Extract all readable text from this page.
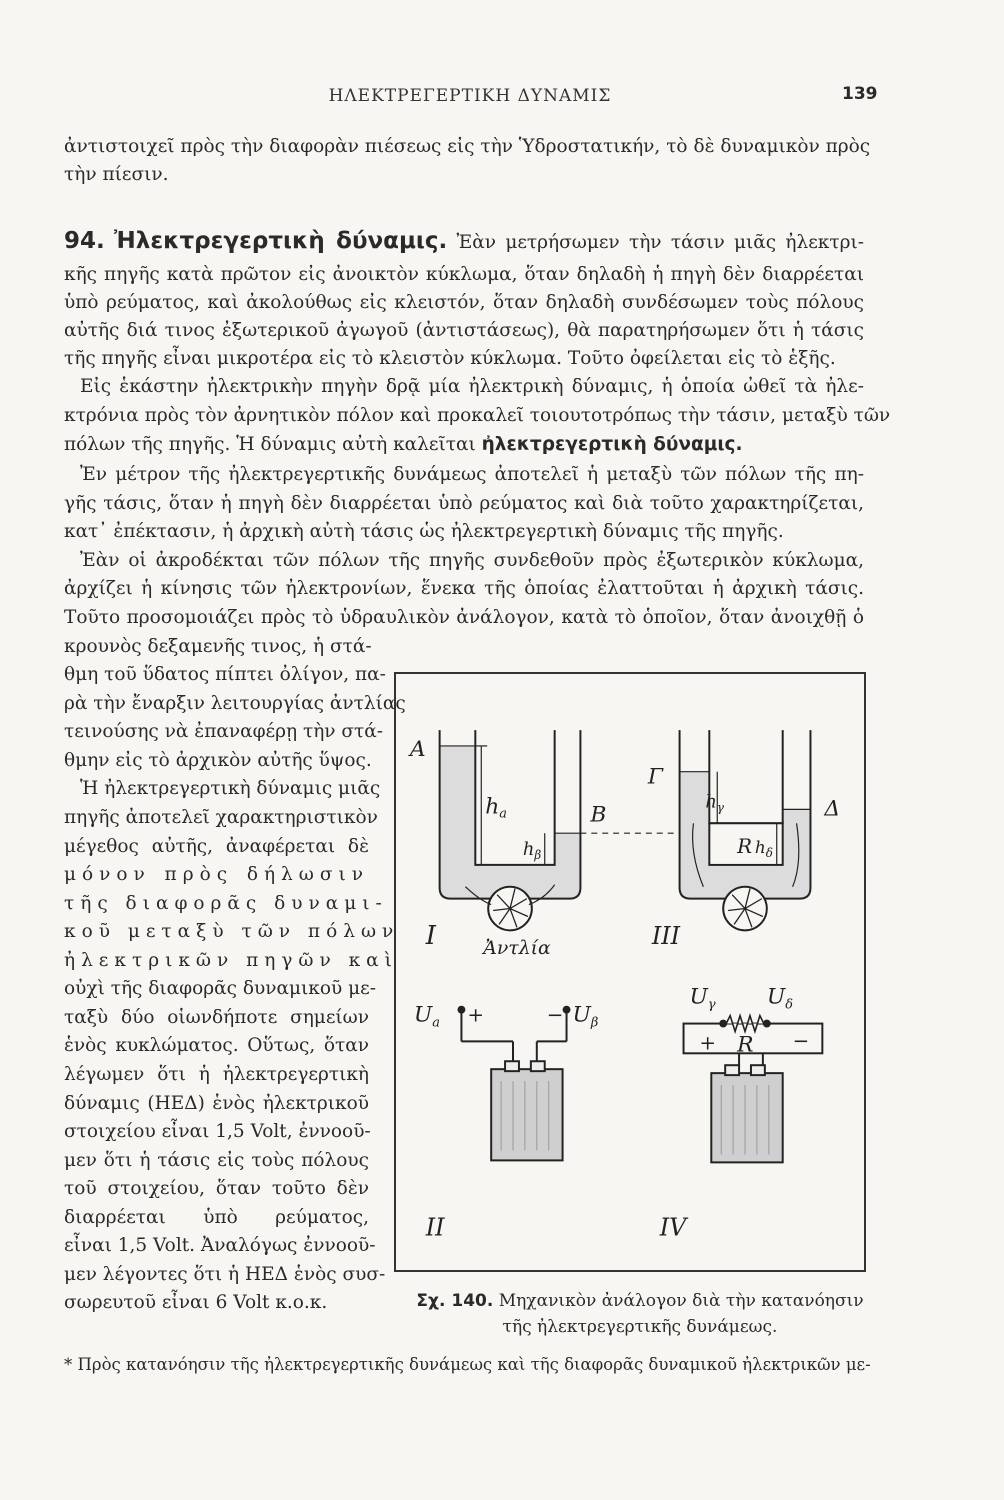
ΗΛΕΚΤΡΕΓΕΡΤΙΚΗ ΔΥΝΑΜΙΣ	139
ἀντιστοιχεῖ πρὸς τὴν διαφορὰν πιέσεως εἰς τὴν Ὑδροστατικήν, τὸ δὲ δυναμικὸν πρὸς
τὴν πίεσιν.
94. Ἠλεκτρεγερτικὴ δύναμις. Ἐὰν μετρήσωμεν τὴν τάσιν μιᾶς ἠλεκτρι-
κῆς πηγῆς κατὰ πρῶτον εἰς ἀνοικτὸν κύκλωμα, ὅταν δηλαδὴ ἡ πηγὴ δὲν διαρρέεται
ὑπὸ ρεύματος, καὶ ἀκολούθως εἰς κλειστόν, ὅταν δηλαδὴ συνδέσωμεν τοὺς πόλους
αὐτῆς διά τινος ἐξωτερικοῦ ἀγωγοῦ (ἀντιστάσεως), θὰ παρατηρήσωμεν ὅτι ἡ τάσις
τῆς πηγῆς εἶναι μικροτέρα εἰς τὸ κλειστὸν κύκλωμα. Τοῦτο ὀφείλεται εἰς τὸ ἑξῆς.
Εἰς ἑκάστην ἠλεκτρικὴν πηγὴν δρᾷ μία ἠλεκτρικὴ δύναμις, ἡ ὁποία ὠθεῖ τὰ ἠλε-
κτρόνια πρὸς τὸν ἀρνητικὸν πόλον καὶ προκαλεῖ τοιουτοτρόπως τὴν τάσιν, μεταξὺ τῶν
πόλων τῆς πηγῆς. Ἡ δύναμις αὐτὴ καλεῖται ἠλεκτρεγερτικὴ δύναμις.
Ἐν μέτρον τῆς ἠλεκτρεγερτικῆς δυνάμεως ἀποτελεῖ ἡ μεταξὺ τῶν πόλων τῆς πη-
γῆς τάσις, ὅταν ἡ πηγὴ δὲν διαρρέεται ὑπὸ ρεύματος καὶ διὰ τοῦτο χαρακτηρίζεται,
κατ᾽ ἐπέκτασιν, ἡ ἀρχικὴ αὐτὴ τάσις ὡς ἠλεκτρεγερτικὴ δύναμις τῆς πηγῆς.
Ἐὰν οἱ ἀκροδέκται τῶν πόλων τῆς πηγῆς συνδεθοῦν πρὸς ἐξωτερικὸν κύκλωμα,
ἀρχίζει ἡ κίνησις τῶν ἠλεκτρονίων, ἕνεκα τῆς ὁποίας ἐλαττοῦται ἡ ἀρχικὴ τάσις.
Τοῦτο προσομοιάζει πρὸς τὸ ὑδραυλικὸν ἀνάλογον, κατὰ τὸ ὁποῖον, ὅταν ἀνοιχθῇ ὁ
κρουνὸς δεξαμενῆς τινος, ἡ στά-
θμη τοῦ ὕδατος πίπτει ὀλίγον, πα-
ρὰ τὴν ἔναρξιν λειτουργίας ἀντλίας
τεινούσης νὰ ἐπαναφέρῃ τὴν στά-
θμην εἰς τὸ ἀρχικὸν αὐτῆς ὕψος.
Ἡ ἠλεκτρεγερτικὴ δύναμις μιᾶς
πηγῆς ἀποτελεῖ χαρακτηριστικὸν
μέγεθος αὐτῆς, ἀναφέρεται δὲ
μόνον πρὸς δήλωσιν
τῆς διαφορᾶς δυναμι-
κοῦ μεταξὺ τῶν πόλων
ἠλεκτρικῶν πηγῶν καὶ
οὐχὶ τῆς διαφορᾶς δυναμικοῦ με-
ταξὺ δύο οἱωνδήποτε σημείων
ἑνὸς κυκλώματος. Οὕτως, ὅταν
λέγωμεν ὅτι ἡ ἠλεκτρεγερτικὴ
δύναμις (ΗΕΔ) ἑνὸς ἠλεκτρικοῦ
στοιχείου εἶναι 1,5 Volt, ἐννοοῦ-
μεν ὅτι ἡ τάσις εἰς τοὺς πόλους
τοῦ στοιχείου, ὅταν τοῦτο δὲν
διαρρέεται ὑπὸ ρεύματος,
εἶναι 1,5 Volt. Ἀναλόγως ἐννοοῦ-
μεν λέγοντες ὅτι ἡ ΗΕΔ ἑνὸς συσ-
σωρευτοῦ εἶναι 6 Volt κ.ο.κ.
A
B
Γ
Δ
ha
$h_\beta$
$h_\gamma$
R $h_\delta$
Ἀντλία
I	III
II	IV
$U_a$ +	− $U_\beta$
$U_\gamma$ $U_\delta$
+ R −
Σχ. 140. Μηχανικὸν ἀνάλογον διὰ τὴν κατανόησιν
τῆς ἠλεκτρεγερτικῆς δυνάμεως.
* Πρὸς κατανόησιν τῆς ἠλεκτρεγερτικῆς δυνάμεως καὶ τῆς διαφορᾶς δυναμικοῦ ἠλεκτρικῶν με-
